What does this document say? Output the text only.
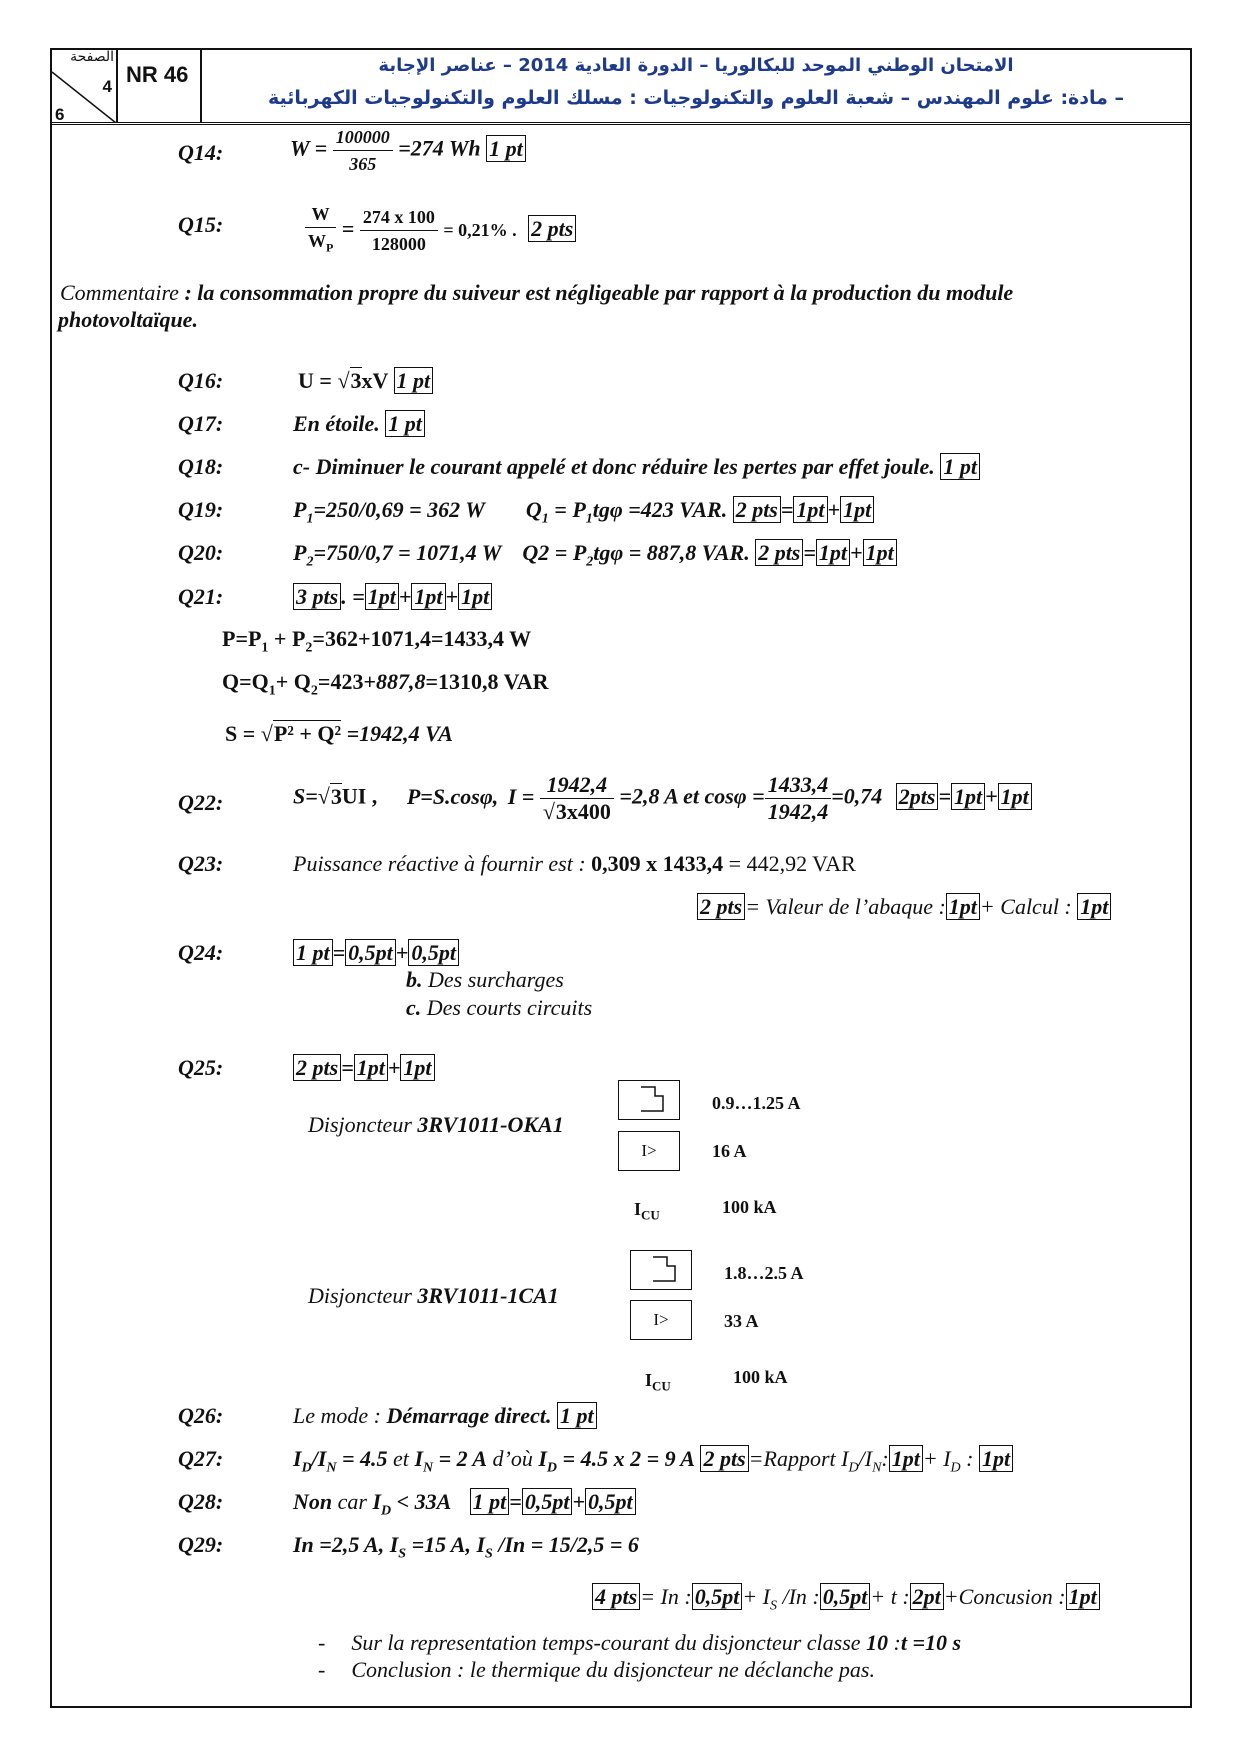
الصفحة
4
6
NR 46	الامتحان الوطني الموحد للبكالوريا – الدورة العادية 2014 – عناصر الإجابة
– مادة: علوم المهندس – شعبة العلوم والتكنولوجيات : مسلك العلوم والتكنولوجيات الكهربائية
Q14:	$W = \frac{100000}{365} =274$ Wh 1 pt
Q15:	$\frac{W}{W_P} = \frac{274 x 100}{128000} = 0,21\%$ . 2 pts
Commentaire : la consommation propre du suiveur est négligeable par rapport à la production du module
photovoltaïque.
Q16:	U = √3xV 1 pt
Q17:	En étoile. 1 pt
Q18:	c- Diminuer le courant appelé et donc réduire les pertes par effet joule. 1 pt
Q19:	$P_1=250/0,69 = 362$ W $Q_1 = P_1tg\varphi =423$ VAR. 2 pts = 1pt + 1pt
Q20:	$P_2=750/0,7 = 1071,4$ W $Q2 = P_2tg\varphi = 887,8$ VAR. 2 pts = 1pt + 1pt
Q21:	3 pts . = 1pt + 1pt + 1pt
$P=P_1 + P_2=362+1071,4=1433,4$ W
$Q=Q_1+ Q_2=423+887,8=1310,8$ VAR
S = √P² + Q² =1942,4 VA
Q22:	S=√3UI , P=S.cosφ, $I = \frac{1942,4}{√3x400} =2,8$ A et $\cos\varphi = \frac{1433,4}{1942,4} =0,74$ 2pts = 1pt + 1pt
Q23:	Puissance réactive à fournir est : 0,309 x 1433,4 = 442,92 VAR
2 pts = Valeur de l’abaque : 1pt + Calcul : 1pt
Q24:	1 pt = 0,5pt + 0,5pt
b. Des surcharges
c. Des courts circuits
Q25:	2 pts = 1pt + 1pt
Disjoncteur 3RV1011-OKA1
0.9…1.25 A
I>	16 A
$I_{CU}$	100 kA
Disjoncteur 3RV1011-1CA1
1.8…2.5 A
I>	33 A
$I_{CU}$	100 kA
Q26:	Le mode : Démarrage direct. 1 pt
Q27:	$I_D/I_N = 4.5$ et $I_N = 2$ A d’où $I_D = 4.5$ x 2 = 9 A 2 pts =Rapport $I_D/I_N$: $1pt + I_D$ : 1pt
Q28:	Non car $I_D < 33A$ 1 pt = 0,5pt + 0,5pt
Q29:	In =2,5 A, $I_S =15$ A, $I_S$ /In = 15/2,5 = 6
4 pts = In : $0,5pt + I_S$ /In : 0,5pt + t : 2pt +Concusion : 1pt
- Sur la representation temps-courant du disjoncteur classe 10 :t =10 s
- Conclusion : le thermique du disjoncteur ne déclanche pas.
